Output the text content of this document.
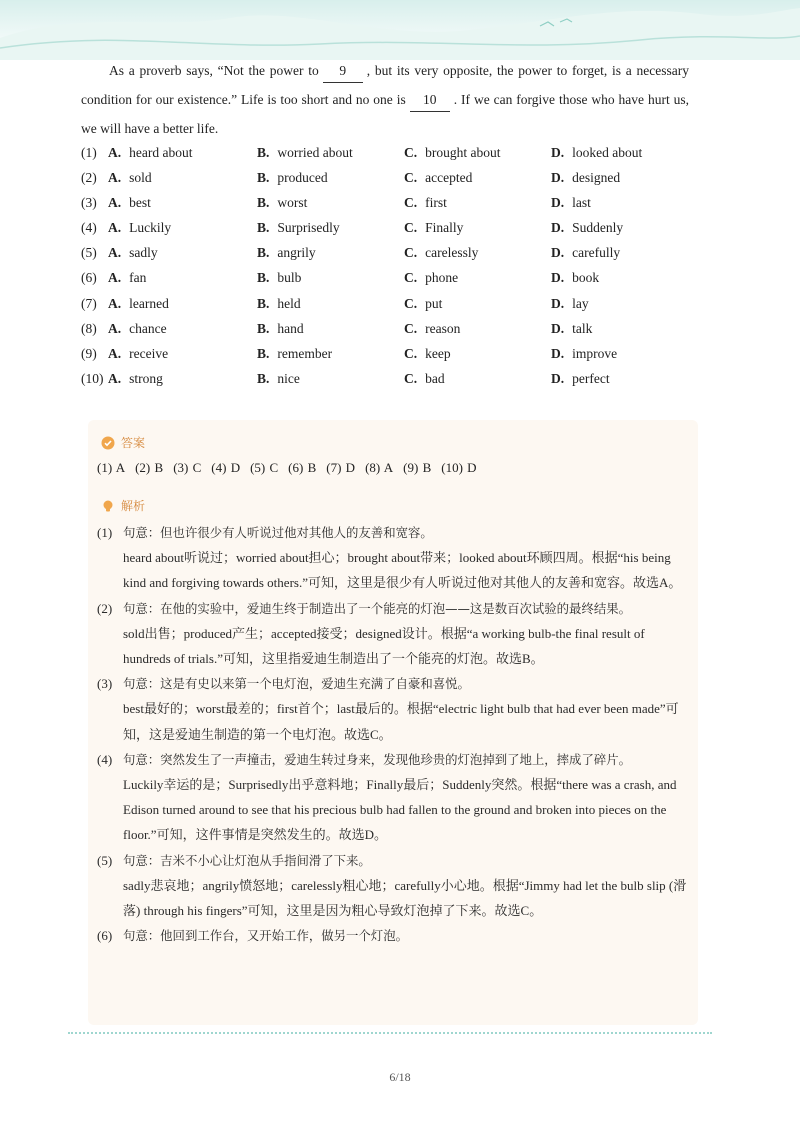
As a proverb says, “Not the power to 9 , but its very opposite, the power to forget, is a necessary condition for our existence.” Life is too short and no one is 10 . If we can forgive those who have hurt us, we will have a better life.
(1) A. heard about	B. worried about	C. brought about	D. looked about
(2) A. sold	B. produced	C. accepted	D. designed
(3) A. best	B. worst	C. first	D. last
(4) A. Luckily	B. Surprisedly	C. Finally	D. Suddenly
(5) A. sadly	B. angrily	C. carelessly	D. carefully
(6) A. fan	B. bulb	C. phone	D. book
(7) A. learned	B. held	C. put	D. lay
(8) A. chance	B. hand	C. reason	D. talk
(9) A. receive	B. remember	C. keep	D. improve
(10) A. strong	B. nice	C. bad	D. perfect
答案
(1) A (2) B (3) C (4) D (5) C (6) B (7) D (8) A (9) B (10) D
解析
(1) 句意：但也许很少有人听说过他对其他人的友善和宽容。
heard about听说过；worried about担心；brought about带来；looked about环顾四周。根据“his being kind and forgiving towards others.”可知，这里是很少有人听说过他对其他人的友善和宽容。故选A。
(2) 句意：在他的实验中，爱迪生终于制造出了一个能亮的灯泡——这是数百次试验的最终结果。
sold出售；produced产生；accepted接受；designed设计。根据“a working bulb-the final result of hundreds of trials.”可知，这里指爱迪生制造出了一个能亮的灯泡。故选B。
(3) 句意：这是有史以来第一个电灯泡，爱迪生充满了自豪和喜悦。
best最好的；worst最差的；first首个；last最后的。根据“electric light bulb that had ever been made”可知，这是爱迪生制造的第一个电灯泡。故选C。
(4) 句意：突然发生了一声撞击，爱迪生转过身来，发现他珍贵的灯泡掉到了地上，摔成了碎片。
Luckily幸运的是；Surprisedly出乎意料地；Finally最后；Suddenly突然。根据“there was a crash, and Edison turned around to see that his precious bulb had fallen to the ground and broken into pieces on the floor.”可知，这件事情是突然发生的。故选D。
(5) 句意：吉米不小心让灯泡从手指间滑了下来。
sadly悲哀地；angrily愤怒地；carelessly粗心地；carefully小心地。根据“Jimmy had let the bulb slip (滑落) through his fingers”可知，这里是因为粗心导致灯泡掉了下来。故选C。
(6) 句意：他回到工作台，又开始工作，做另一个灯泡。
6/18
